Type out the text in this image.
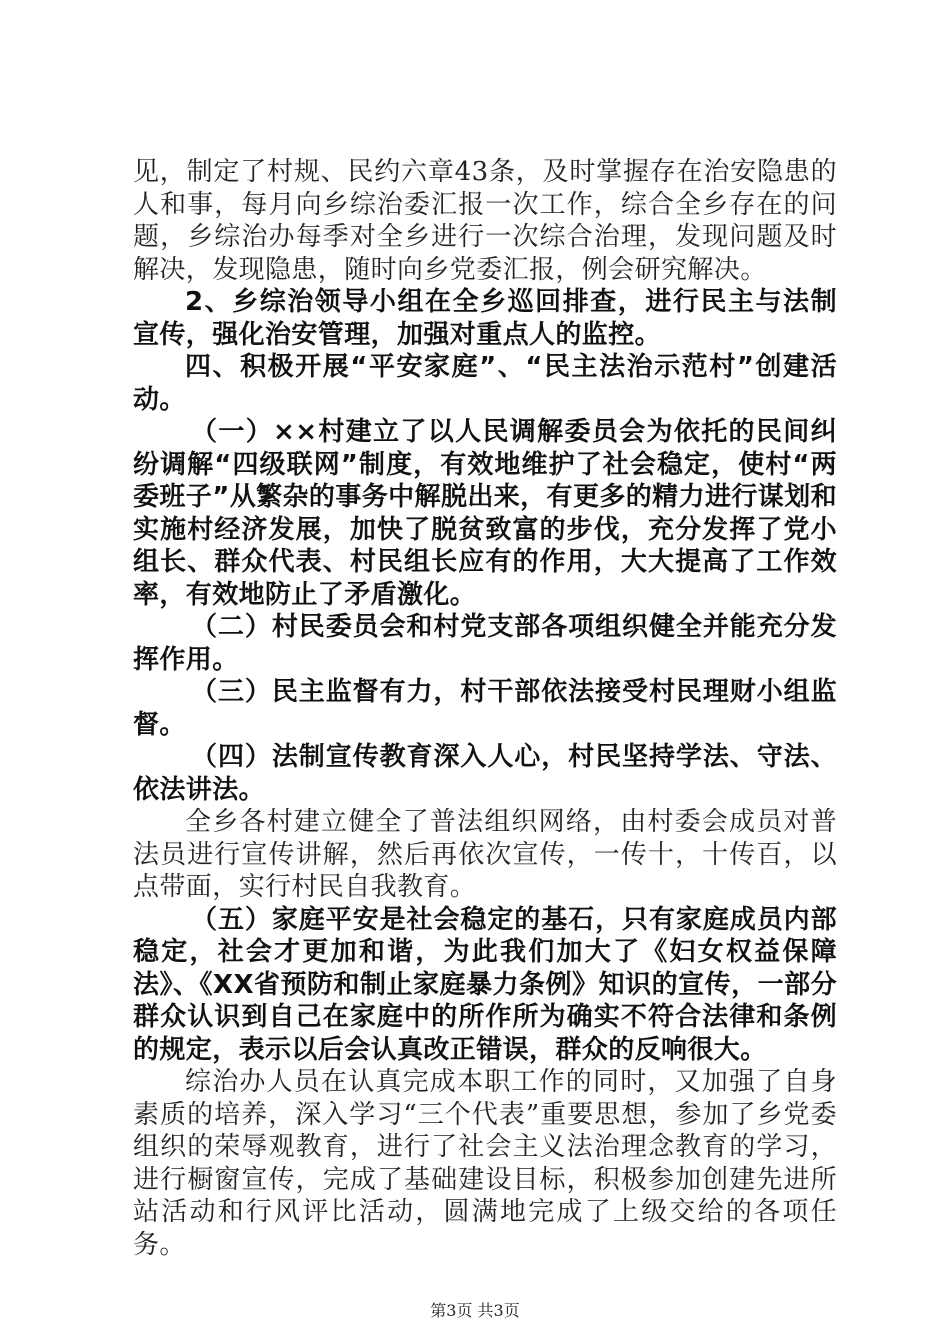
见，制定了村规、民约六章43条，及时掌握存在治安隐患的人和事，每月向乡综治委汇报一次工作，综合全乡存在的问题，乡综治办每季对全乡进行一次综合治理，发现问题及时解决，发现隐患，随时向乡党委汇报，例会研究解决。

2、乡综治领导小组在全乡巡回排查，进行民主与法制宣传，强化治安管理，加强对重点人的监控。

四、积极开展“平安家庭”、“民主法治示范村”创建活动。

（一）××村建立了以人民调解委员会为依托的民间纠纷调解“四级联网”制度，有效地维护了社会稳定，使村“两委班子”从繁杂的事务中解脱出来，有更多的精力进行谋划和实施村经济发展，加快了脱贫致富的步伐，充分发挥了党小组长、群众代表、村民组长应有的作用，大大提高了工作效率，有效地防止了矛盾激化。

（二）村民委员会和村党支部各项组织健全并能充分发挥作用。

（三）民主监督有力，村干部依法接受村民理财小组监督。

（四）法制宣传教育深入人心，村民坚持学法、守法、依法讲法。

全乡各村建立健全了普法组织网络，由村委会成员对普法员进行宣传讲解，然后再依次宣传，一传十，十传百，以点带面，实行村民自我教育。

（五）家庭平安是社会稳定的基石，只有家庭成员内部稳定，社会才更加和谐，为此我们加大了《妇女权益保障法》、《XX省预防和制止家庭暴力条例》知识的宣传，一部分群众认识到自己在家庭中的所作所为确实不符合法律和条例的规定，表示以后会认真改正错误，群众的反响很大。

综治办人员在认真完成本职工作的同时，又加强了自身素质的培养，深入学习“三个代表”重要思想，参加了乡党委组织的荣辱观教育，进行了社会主义法治理念教育的学习，进行橱窗宣传，完成了基础建设目标，积极参加创建先进所站活动和行风评比活动，圆满地完成了上级交给的各项任务。

第3页 共3页
